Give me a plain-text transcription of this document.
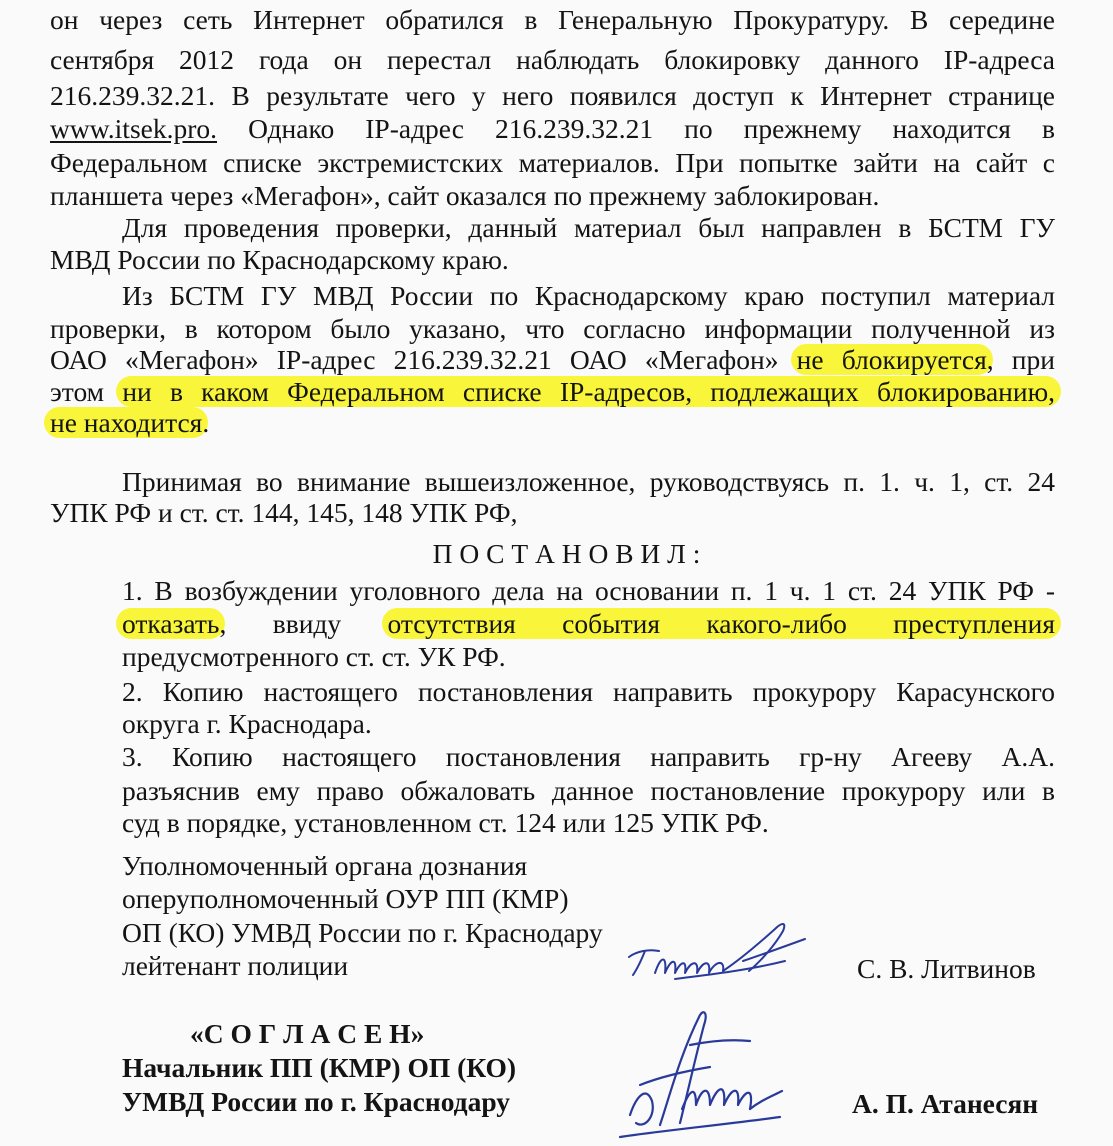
он через сеть Интернет обратился в Генеральную Прокуратуру. В середине
сентября 2012 года он перестал наблюдать блокировку данного IP-адреса
216.239.32.21. В результате чего у него появился доступ к Интернет странице
www.itsek.pro. Однако IP-адрес 216.239.32.21 по прежнему находится в
Федеральном списке экстремистских материалов. При попытке зайти на сайт с
планшета через «Мегафон», сайт оказался по прежнему заблокирован.
Для проведения проверки, данный материал был направлен в БСТМ ГУ
МВД России по Краснодарскому краю.
Из БСТМ ГУ МВД России по Краснодарскому краю поступил материал
проверки, в котором было указано, что согласно информации полученной из
ОАО «Мегафон» IP-адрес 216.239.32.21 ОАО «Мегафон» не блокируется, при
этом ни в каком Федеральном списке IP-адресов, подлежащих блокированию,
не находится.
Принимая во внимание вышеизложенное, руководствуясь п. 1. ч. 1, ст. 24
УПК РФ и ст. ст. 144, 145, 148 УПК РФ,
П О С Т А Н О В И Л :
1. В возбуждении уголовного дела на основании п. 1 ч. 1 ст. 24 УПК РФ -
отказать, ввиду отсутствия события какого-либо преступления
предусмотренного ст. ст. УК РФ.
2. Копию настоящего постановления направить прокурору Карасунского
округа г. Краснодара.
3. Копию настоящего постановления направить гр-ну Агееву А.А.
разъяснив ему право обжаловать данное постановление прокурору или в
суд в порядке, установленном ст. 124 или 125 УПК РФ.
Уполномоченный органа дознания
оперуполномоченный ОУР ПП (КМР)
ОП (КО) УМВД России по г. Краснодару
лейтенант полиции	С. В. Литвинов
«С О Г Л А С Е Н»
Начальник ПП (КМР) ОП (КО)
УМВД России по г. Краснодару	А. П. Атанесян
